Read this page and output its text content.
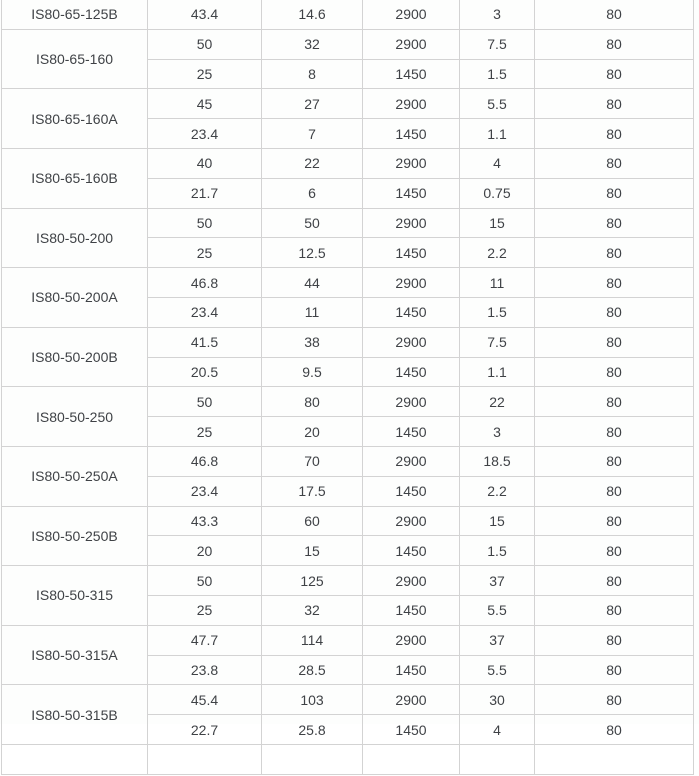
IS80-65-125B	43.4	14.6	2900	3	80
IS80-65-160	50	32	2900	7.5	80
	25	8	1450	1.5	80
IS80-65-160A	45	27	2900	5.5	80
	23.4	7	1450	1.1	80
IS80-65-160B	40	22	2900	4	80
	21.7	6	1450	0.75	80
IS80-50-200	50	50	2900	15	80
	25	12.5	1450	2.2	80
IS80-50-200A	46.8	44	2900	11	80
	23.4	11	1450	1.5	80
IS80-50-200B	41.5	38	2900	7.5	80
	20.5	9.5	1450	1.1	80
IS80-50-250	50	80	2900	22	80
	25	20	1450	3	80
IS80-50-250A	46.8	70	2900	18.5	80
	23.4	17.5	1450	2.2	80
IS80-50-250B	43.3	60	2900	15	80
	20	15	1450	1.5	80
IS80-50-315	50	125	2900	37	80
	25	32	1450	5.5	80
IS80-50-315A	47.7	114	2900	37	80
	23.8	28.5	1450	5.5	80
IS80-50-315B	45.4	103	2900	30	80
	22.7	25.8	1450	4	80
